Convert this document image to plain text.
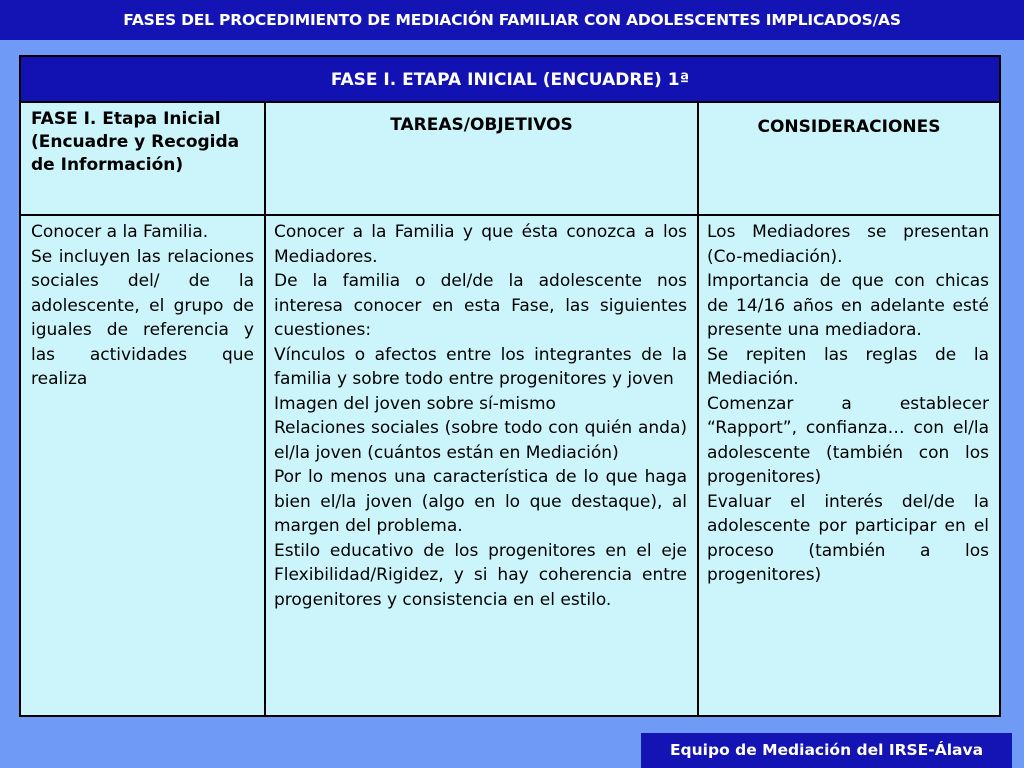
FASES DEL PROCEDIMIENTO DE MEDIACIÓN FAMILIAR CON ADOLESCENTES IMPLICADOS/AS
FASE I. ETAPA INICIAL (ENCUADRE) 1ª
FASE I. Etapa Inicial
(Encuadre y Recogida de Información)
TAREAS/OBJETIVOS	CONSIDERACIONES
Conocer a la Familia.
Se incluyen las relaciones sociales del/ de la adolescente, el grupo de iguales de referencia y las actividades que realiza
Conocer a la Familia y que ésta conozca a los Mediadores.
De la familia o del/de la adolescente nos interesa conocer en esta Fase, las siguientes cuestiones:
Vínculos o afectos entre los integrantes de la familia y sobre todo entre progenitores y joven
Imagen del joven sobre sí-mismo
Relaciones sociales (sobre todo con quién anda) el/la joven (cuántos están en Mediación)
Por lo menos una característica de lo que haga bien el/la joven (algo en lo que destaque), al margen del problema.
Estilo educativo de los progenitores en el eje Flexibilidad/Rigidez, y si hay coherencia entre progenitores y consistencia en el estilo.
Los Mediadores se presentan (Co-mediación).
Importancia de que con chicas de 14/16 años en adelante esté presente una mediadora.
Se repiten las reglas de la Mediación.
Comenzar a establecer “Rapport”, confianza… con el/la adolescente (también con los progenitores)
Evaluar el interés del/de la adolescente por participar en el proceso (también a los progenitores)
Equipo de Mediación del IRSE-Álava
